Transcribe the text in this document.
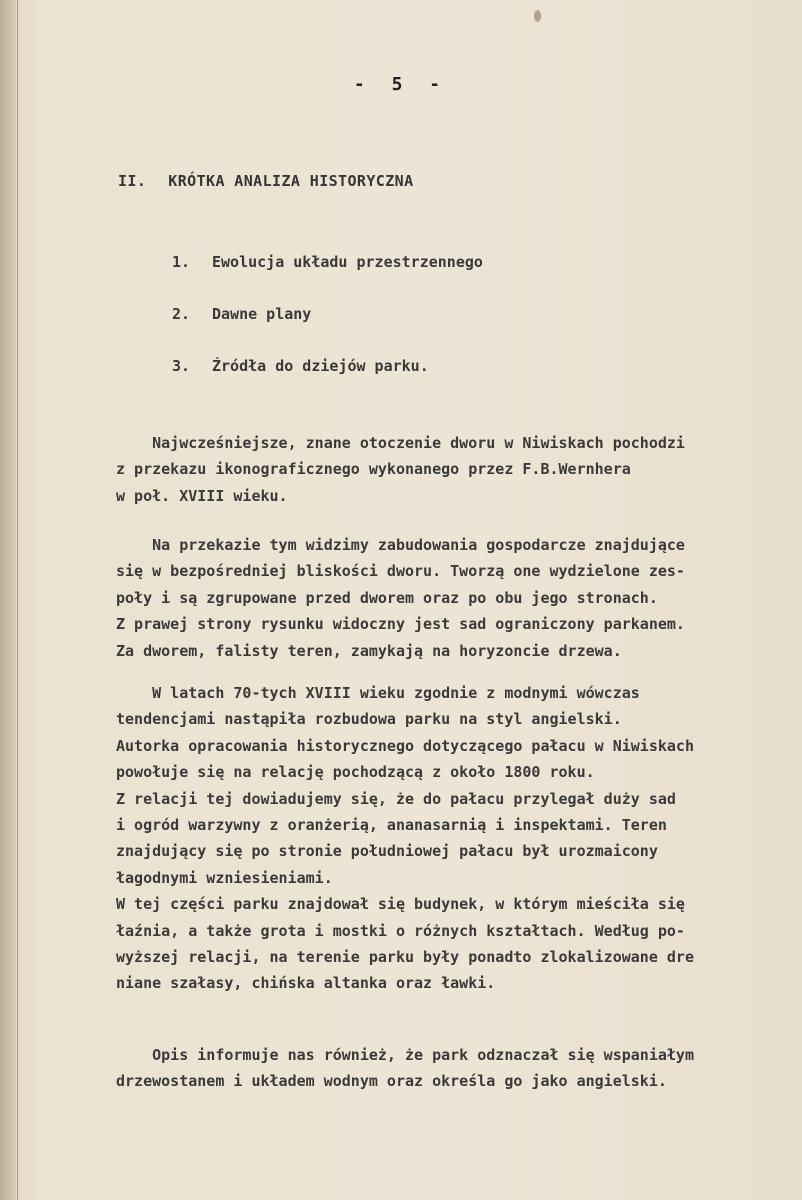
- 5 -
II. KRÓTKA ANALIZA HISTORYCZNA
1. Ewolucja układu przestrzennego
2. Dawne plany
3. Źródła do dziejów parku.
Najwcześniejsze, znane otoczenie dworu w Niwiskach pochodzi
z przekazu ikonograficznego wykonanego przez F.B.Wernhera
w poł. XVIII wieku.
Na przekazie tym widzimy zabudowania gospodarcze znajdujące
się w bezpośredniej bliskości dworu. Tworzą one wydzielone zes-
poły i są zgrupowane przed dworem oraz po obu jego stronach.
Z prawej strony rysunku widoczny jest sad ograniczony parkanem.
Za dworem, falisty teren, zamykają na horyzoncie drzewa.
W latach 70-tych XVIII wieku zgodnie z modnymi wówczas
tendencjami nastąpiła rozbudowa parku na styl angielski.
Autorka opracowania historycznego dotyczącego pałacu w Niwiskach
powołuje się na relację pochodzącą z około 1800 roku.
Z relacji tej dowiadujemy się, że do pałacu przylegał duży sad
i ogród warzywny z oranżerią, ananasarnią i inspektami. Teren
znajdujący się po stronie południowej pałacu był urozmaicony
łagodnymi wzniesieniami.
W tej części parku znajdował się budynek, w którym mieściła się
łaźnia, a także grota i mostki o różnych kształtach. Według po-
wyższej relacji, na terenie parku były ponadto zlokalizowane dre
niane szałasy, chińska altanka oraz ławki.
Opis informuje nas również, że park odznaczał się wspaniałym
drzewostanem i układem wodnym oraz określa go jako angielski.
